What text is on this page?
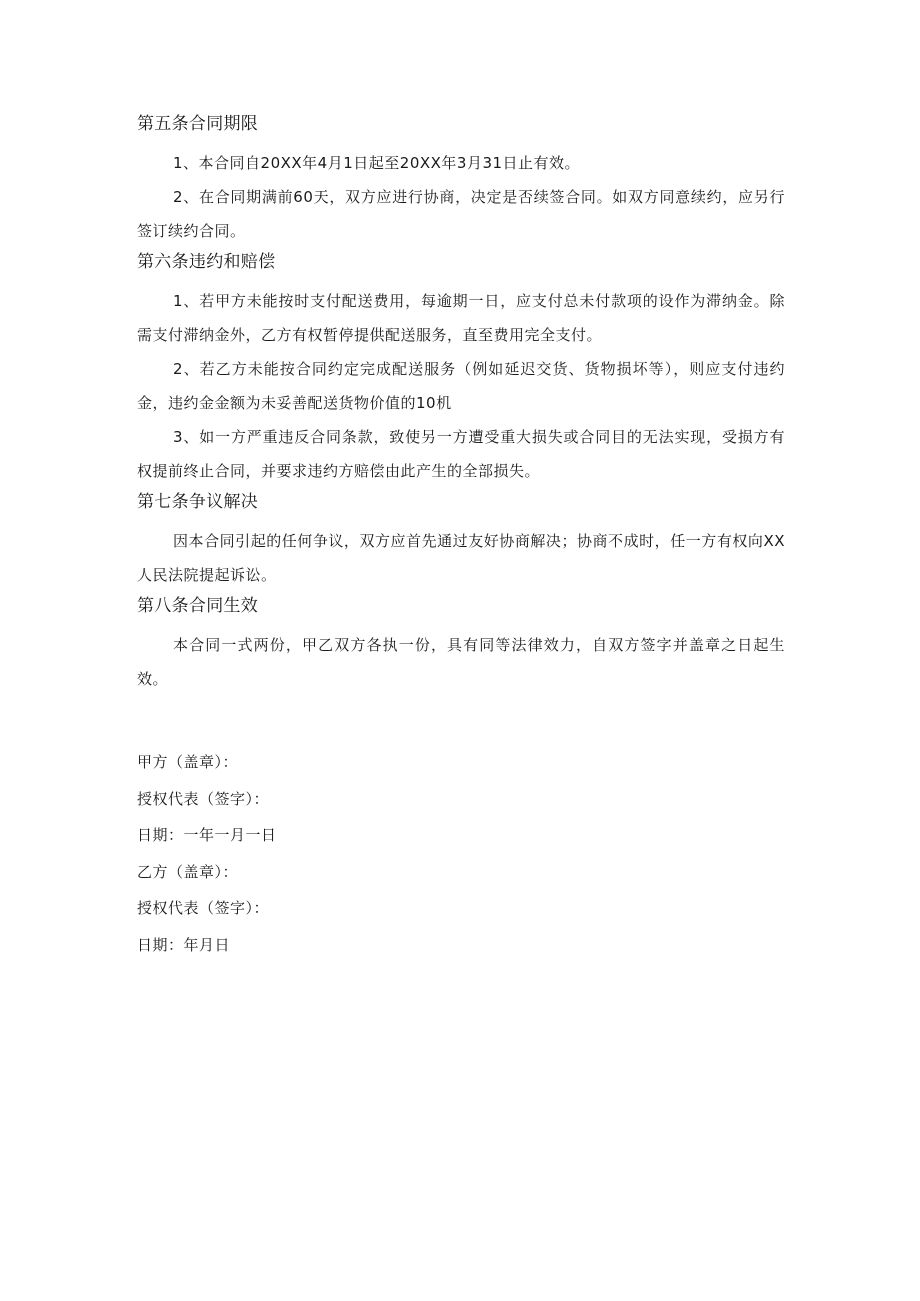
第五条合同期限

1、本合同自20XX年4月1日起至20XX年3月31日止有效。

2、在合同期满前60天，双方应进行协商，决定是否续签合同。如双方同意续约，应另行签订续约合同。

第六条违约和赔偿

1、若甲方未能按时支付配送费用，每逾期一日，应支付总未付款项的设作为滞纳金。除需支付滞纳金外，乙方有权暂停提供配送服务，直至费用完全支付。

2、若乙方未能按合同约定完成配送服务（例如延迟交货、货物损坏等），则应支付违约金，违约金金额为未妥善配送货物价值的10机

3、如一方严重违反合同条款，致使另一方遭受重大损失或合同目的无法实现，受损方有权提前终止合同，并要求违约方赔偿由此产生的全部损失。

第七条争议解决

因本合同引起的任何争议，双方应首先通过友好协商解决；协商不成时，任一方有权向XX人民法院提起诉讼。

第八条合同生效

本合同一式两份，甲乙双方各执一份，具有同等法律效力，自双方签字并盖章之日起生效。

甲方（盖章）：

授权代表（签字）：

日期：一年一月一日

乙方（盖章）：

授权代表（签字）：

日期：年月日
